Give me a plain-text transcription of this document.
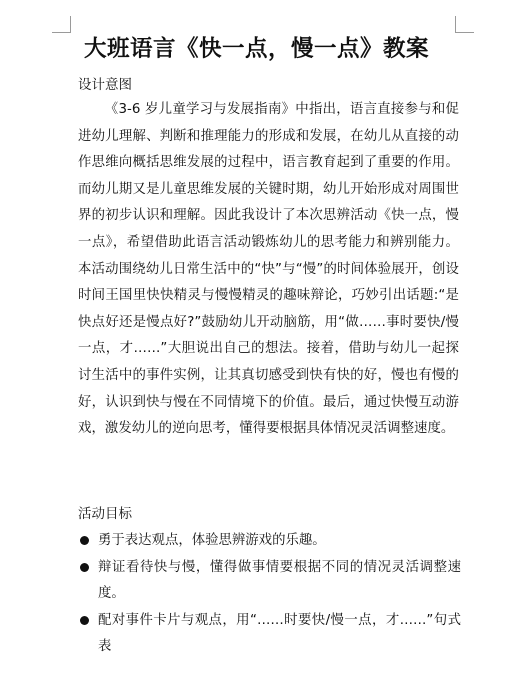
大班语言《快一点，慢一点》教案
设计意图

《3-6 岁儿童学习与发展指南》中指出，语言直接参与和促进幼儿理解、判断和推理能力的形成和发展，在幼儿从直接的动作思维向概括思维发展的过程中，语言教育起到了重要的作用。而幼儿期又是儿童思维发展的关键时期，幼儿开始形成对周围世界的初步认识和理解。因此我设计了本次思辨活动《快一点，慢一点》，希望借助此语言活动锻炼幼儿的思考能力和辨别能力。本活动围绕幼儿日常生活中的“快”与“慢”的时间体验展开，创设时间王国里快快精灵与慢慢精灵的趣味辩论，巧妙引出话题:“是快点好还是慢点好?”鼓励幼儿开动脑筋，用“做……事时要快/慢一点，才……”大胆说出自己的想法。接着，借助与幼儿一起探讨生活中的事件实例，让其真切感受到快有快的好，慢也有慢的好，认识到快与慢在不同情境下的价值。最后，通过快慢互动游戏，激发幼儿的逆向思考，懂得要根据具体情况灵活调整速度。

活动目标
勇于表达观点，体验思辨游戏的乐趣。
辩证看待快与慢，懂得做事情要根据不同的情况灵活调整速度。
配对事件卡片与观点，用“……时要快/慢一点，才……”句式表
